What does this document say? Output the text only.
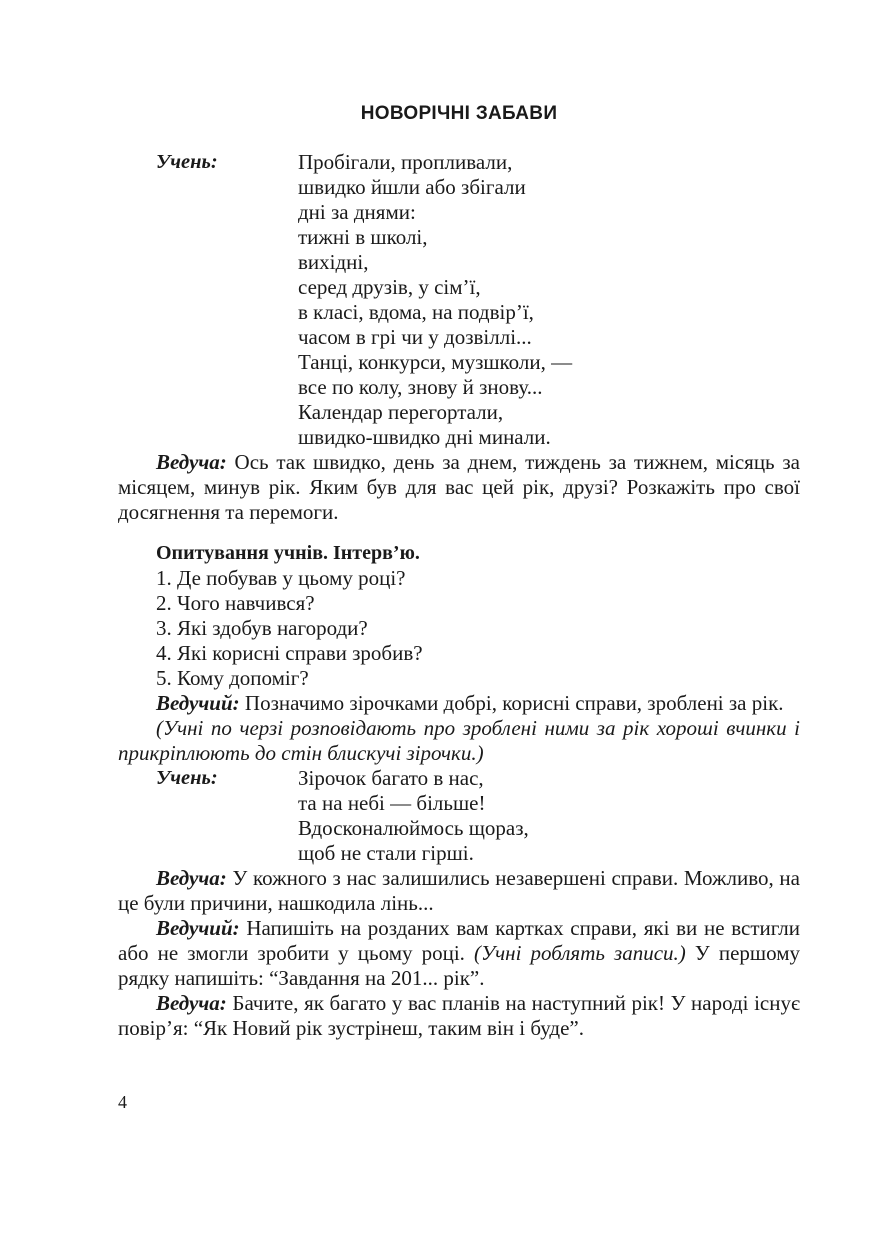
НОВОРІЧНІ ЗАБАВИ
Учень:	Пробігали, пропливали,
швидко йшли або збігали
дні за днями:
тижні в школі,
вихідні,
серед друзів, у сім’ї,
в класі, вдома, на подвір’ї,
часом в грі чи у дозвіллі...
Танці, конкурси, музшколи, —
все по колу, знову й знову...
Календар перегортали,
швидко-швидко дні минали.

Ведуча: Ось так швидко, день за днем, тиждень за тижнем, місяць за місяцем, минув рік. Яким був для вас цей рік, друзі? Розкажіть про свої досягнення та перемоги.

Опитування учнів. Інтерв’ю.
1. Де побував у цьому році?
2. Чого навчився?
3. Які здобув нагороди?
4. Які корисні справи зробив?
5. Кому допоміг?

Ведучий: Позначимо зірочками добрі, корисні справи, зроблені за рік.

(Учні по черзі розповідають про зроблені ними за рік хороші вчинки і прикріплюють до стін блискучі зірочки.)

Учень:	Зірочок багато в нас,
та на небі — більше!
Вдосконалюймось щораз,
щоб не стали гірші.

Ведуча: У кожного з нас залишились незавершені справи. Можливо, на це були причини, нашкодила лінь...

Ведучий: Напишіть на розданих вам картках справи, які ви не встигли або не змогли зробити у цьому році. (Учні роблять записи.) У першому рядку напишіть: “Завдання на 201... рік”.

Ведуча: Бачите, як багато у вас планів на наступний рік! У народі існує повір’я: “Як Новий рік зустрінеш, таким він і буде”.

4
